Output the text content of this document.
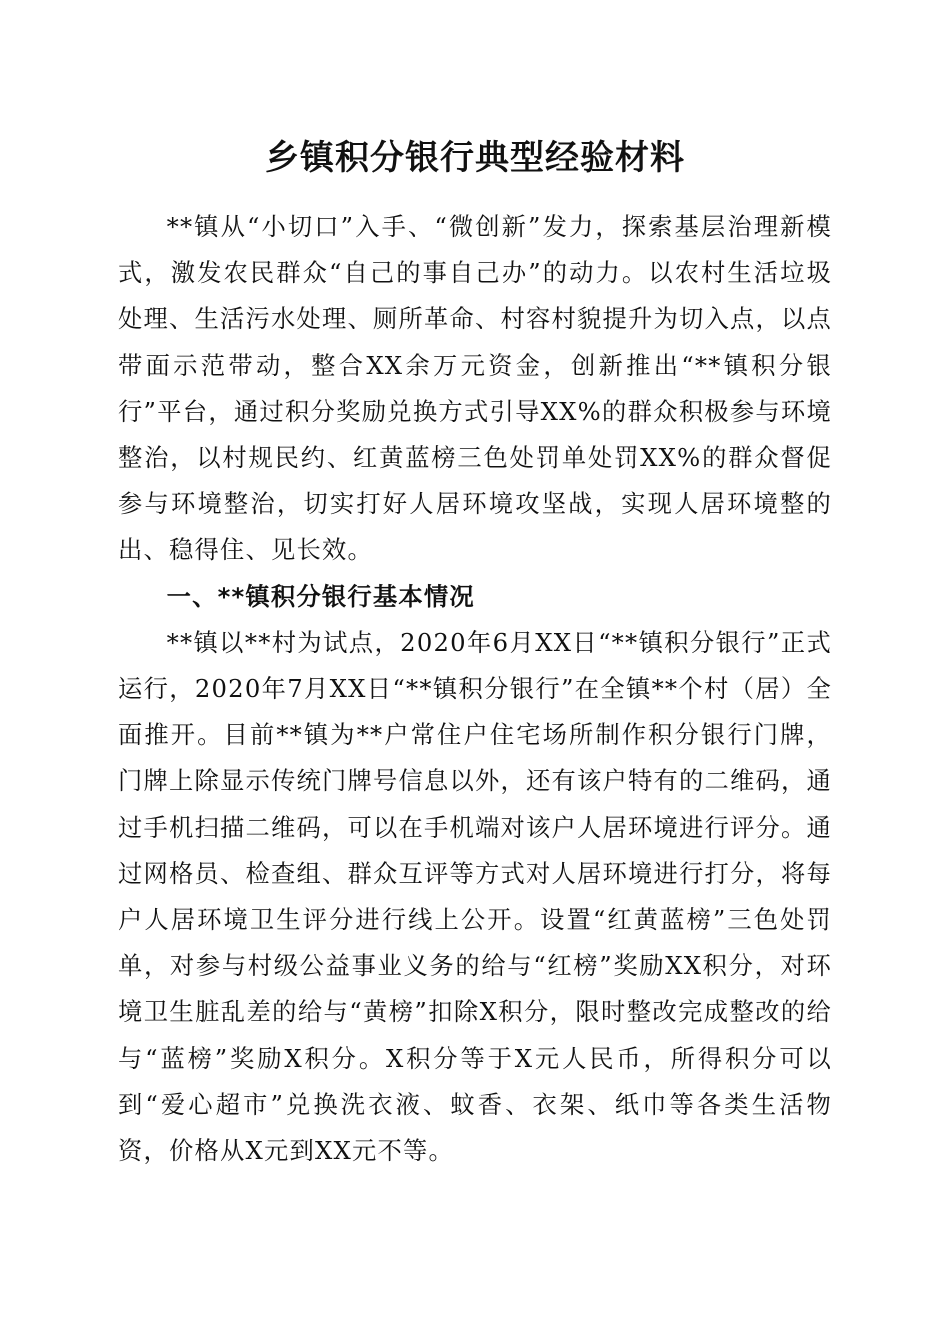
乡镇积分银行典型经验材料

**镇从“小切口”入手、“微创新”发力，探索基层治理新模式，激发农民群众“自己的事自己办”的动力。以农村生活垃圾处理、生活污水处理、厕所革命、村容村貌提升为切入点，以点带面示范带动，整合XX余万元资金，创新推出“**镇积分银行”平台，通过积分奖励兑换方式引导XX%的群众积极参与环境整治，以村规民约、红黄蓝榜三色处罚单处罚XX%的群众督促参与环境整治，切实打好人居环境攻坚战，实现人居环境整的出、稳得住、见长效。

一、**镇积分银行基本情况

**镇以**村为试点，2020年6月XX日“**镇积分银行”正式运行，2020年7月XX日“**镇积分银行”在全镇**个村（居）全面推开。目前**镇为**户常住户住宅场所制作积分银行门牌，门牌上除显示传统门牌号信息以外，还有该户特有的二维码，通过手机扫描二维码，可以在手机端对该户人居环境进行评分。通过网格员、检查组、群众互评等方式对人居环境进行打分，将每户人居环境卫生评分进行线上公开。设置“红黄蓝榜”三色处罚单，对参与村级公益事业义务的给与“红榜”奖励XX积分，对环境卫生脏乱差的给与“黄榜”扣除X积分，限时整改完成整改的给与“蓝榜”奖励X积分。X积分等于X元人民币，所得积分可以到“爱心超市”兑换洗衣液、蚊香、衣架、纸巾等各类生活物资，价格从X元到XX元不等。
